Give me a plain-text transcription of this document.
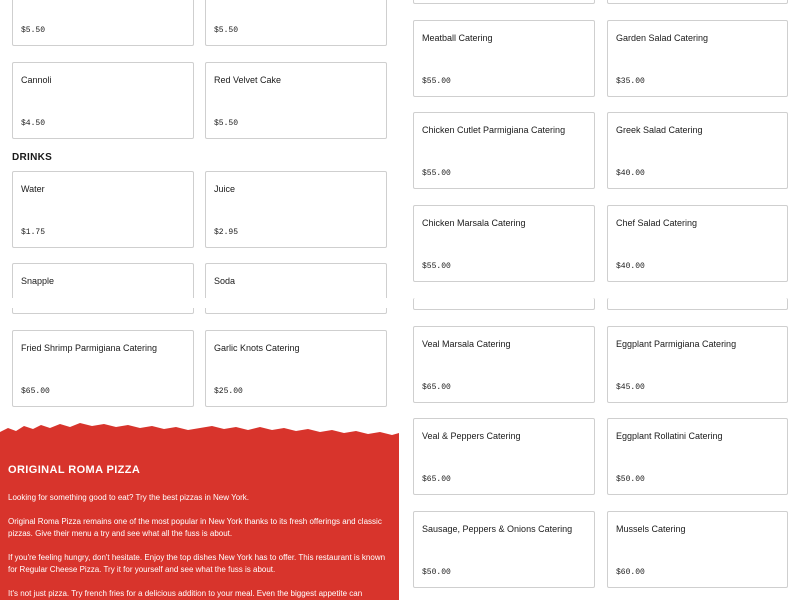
$5.50	$5.50
Cannoli
$4.50
Red Velvet Cake
$5.50
DRINKS
Water
$1.75
Juice
$2.95
Snapple	Soda
Fried Shrimp Parmigiana Catering
$65.00
Garlic Knots Catering
$25.00
Meatball Catering
$55.00
Garden Salad Catering
$35.00
Chicken Cutlet Parmigiana Catering
$55.00
Greek Salad Catering
$40.00
Chicken Marsala Catering
$55.00
Chef Salad Catering
$40.00
Veal Marsala Catering
$65.00
Eggplant Parmigiana Catering
$45.00
Veal & Peppers Catering
$65.00
Eggplant Rollatini Catering
$50.00
Sausage, Peppers & Onions Catering
$50.00
Mussels Catering
$60.00
ORIGINAL ROMA PIZZA

Looking for something good to eat? Try the best pizzas in New York.

Original Roma Pizza remains one of the most popular in New York thanks to its fresh offerings and classic pizzas. Give their menu a try and see what all the fuss is about.

If you're feeling hungry, don't hesitate. Enjoy the top dishes New York has to offer. This restaurant is known for Regular Cheese Pizza. Try it for yourself and see what the fuss is about.

It's not just pizza. Try french fries for a delicious addition to your meal. Even the biggest appetite can
